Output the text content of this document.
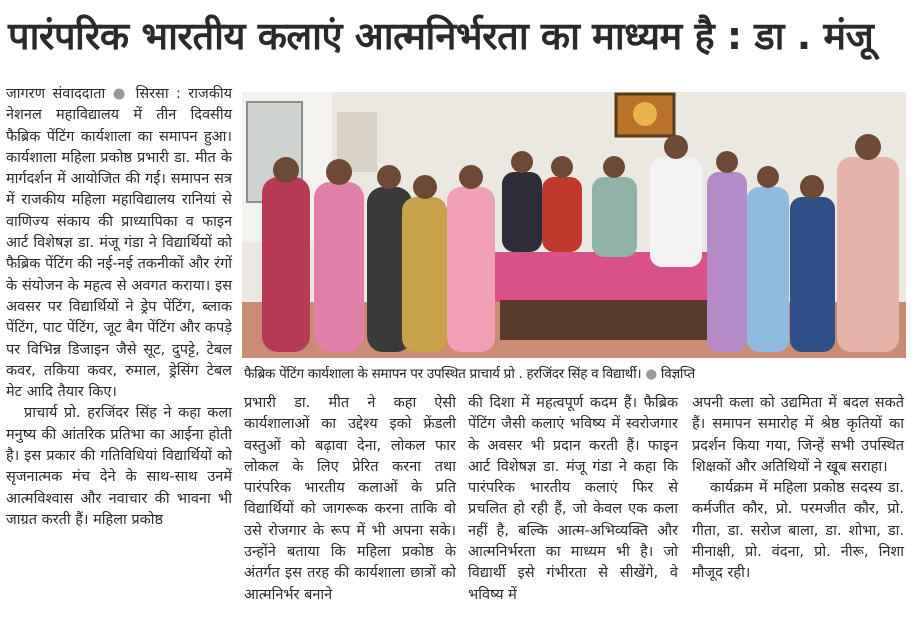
पारंपरिक भारतीय कलाएं आत्मनिर्भरता का माध्यम है : डा . मंजू

जागरण संवाददाता ● सिरसा : राजकीय नेशनल महाविद्यालय में तीन दिवसीय फैब्रिक पेंटिंग कार्यशाला का समापन हुआ। कार्यशाला महिला प्रकोष्ठ प्रभारी डा. मीत के मार्गदर्शन में आयोजित की गई। समापन सत्र में राजकीय महिला महाविद्यालय रानियां से वाणिज्य संकाय की प्राध्यापिका व फाइन आर्ट विशेषज्ञ डा. मंजू गंडा ने विद्यार्थियों को फैब्रिक पेंटिंग की नई-नई तकनीकों और रंगों के संयोजन के महत्व से अवगत कराया। इस अवसर पर विद्यार्थियों ने ड्रेप पेंटिंग, ब्लाक पेंटिंग, पाट पेंटिंग, जूट बैग पेंटिंग और कपड़े पर विभिन्न डिजाइन जैसे सूट, दुपट्टे, टेबल कवर, तकिया कवर, रुमाल, ड्रेसिंग टेबल मेट आदि तैयार किए।

प्राचार्य प्रो. हरजिंदर सिंह ने कहा कला मनुष्य की आंतरिक प्रतिभा का आईना होती है। इस प्रकार की गतिविधियां विद्यार्थियों को सृजनात्मक मंच देने के साथ-साथ उनमें आत्मविश्वास और नवाचार की भावना भी जाग्रत करती हैं। महिला प्रकोष्ठ

फैब्रिक पेंटिंग कार्यशाला के समापन पर उपस्थित प्राचार्य प्रो . हरजिंदर सिंह व विद्यार्थी। ● विज्ञप्ति

प्रभारी डा. मीत ने कहा ऐसी कार्यशालाओं का उद्देश्य इको फ्रेंडली वस्तुओं को बढ़ावा देना, लोकल फार लोकल के लिए प्रेरित करना तथा पारंपरिक भारतीय कलाओं के प्रति विद्यार्थियों को जागरूक करना ताकि वो उसे रोजगार के रूप में भी अपना सके। उन्होंने बताया कि महिला प्रकोष्ठ के अंतर्गत इस तरह की कार्यशाला छात्रों को आत्मनिर्भर बनाने

की दिशा में महत्वपूर्ण कदम हैं। फैब्रिक पेंटिंग जैसी कलाएं भविष्य में स्वरोजगार के अवसर भी प्रदान करती हैं। फाइन आर्ट विशेषज्ञ डा. मंजू गंडा ने कहा कि पारंपरिक भारतीय कलाएं फिर से प्रचलित हो रही हैं, जो केवल एक कला नहीं है, बल्कि आत्म-अभिव्यक्ति और आत्मनिर्भरता का माध्यम भी है। जो विद्यार्थी इसे गंभीरता से सीखेंगे, वे भविष्य में

अपनी कला को उद्यमिता में बदल सकते हैं। समापन समारोह में श्रेष्ठ कृतियों का प्रदर्शन किया गया, जिन्हें सभी उपस्थित शिक्षकों और अतिथियों ने खूब सराहा।

कार्यक्रम में महिला प्रकोष्ठ सदस्य डा. कर्मजीत कौर, प्रो. परमजीत कौर, प्रो. गीता, डा. सरोज बाला, डा. शोभा, डा. मीनाक्षी, प्रो. वंदना, प्रो. नीरू, निशा मौजूद रही।
